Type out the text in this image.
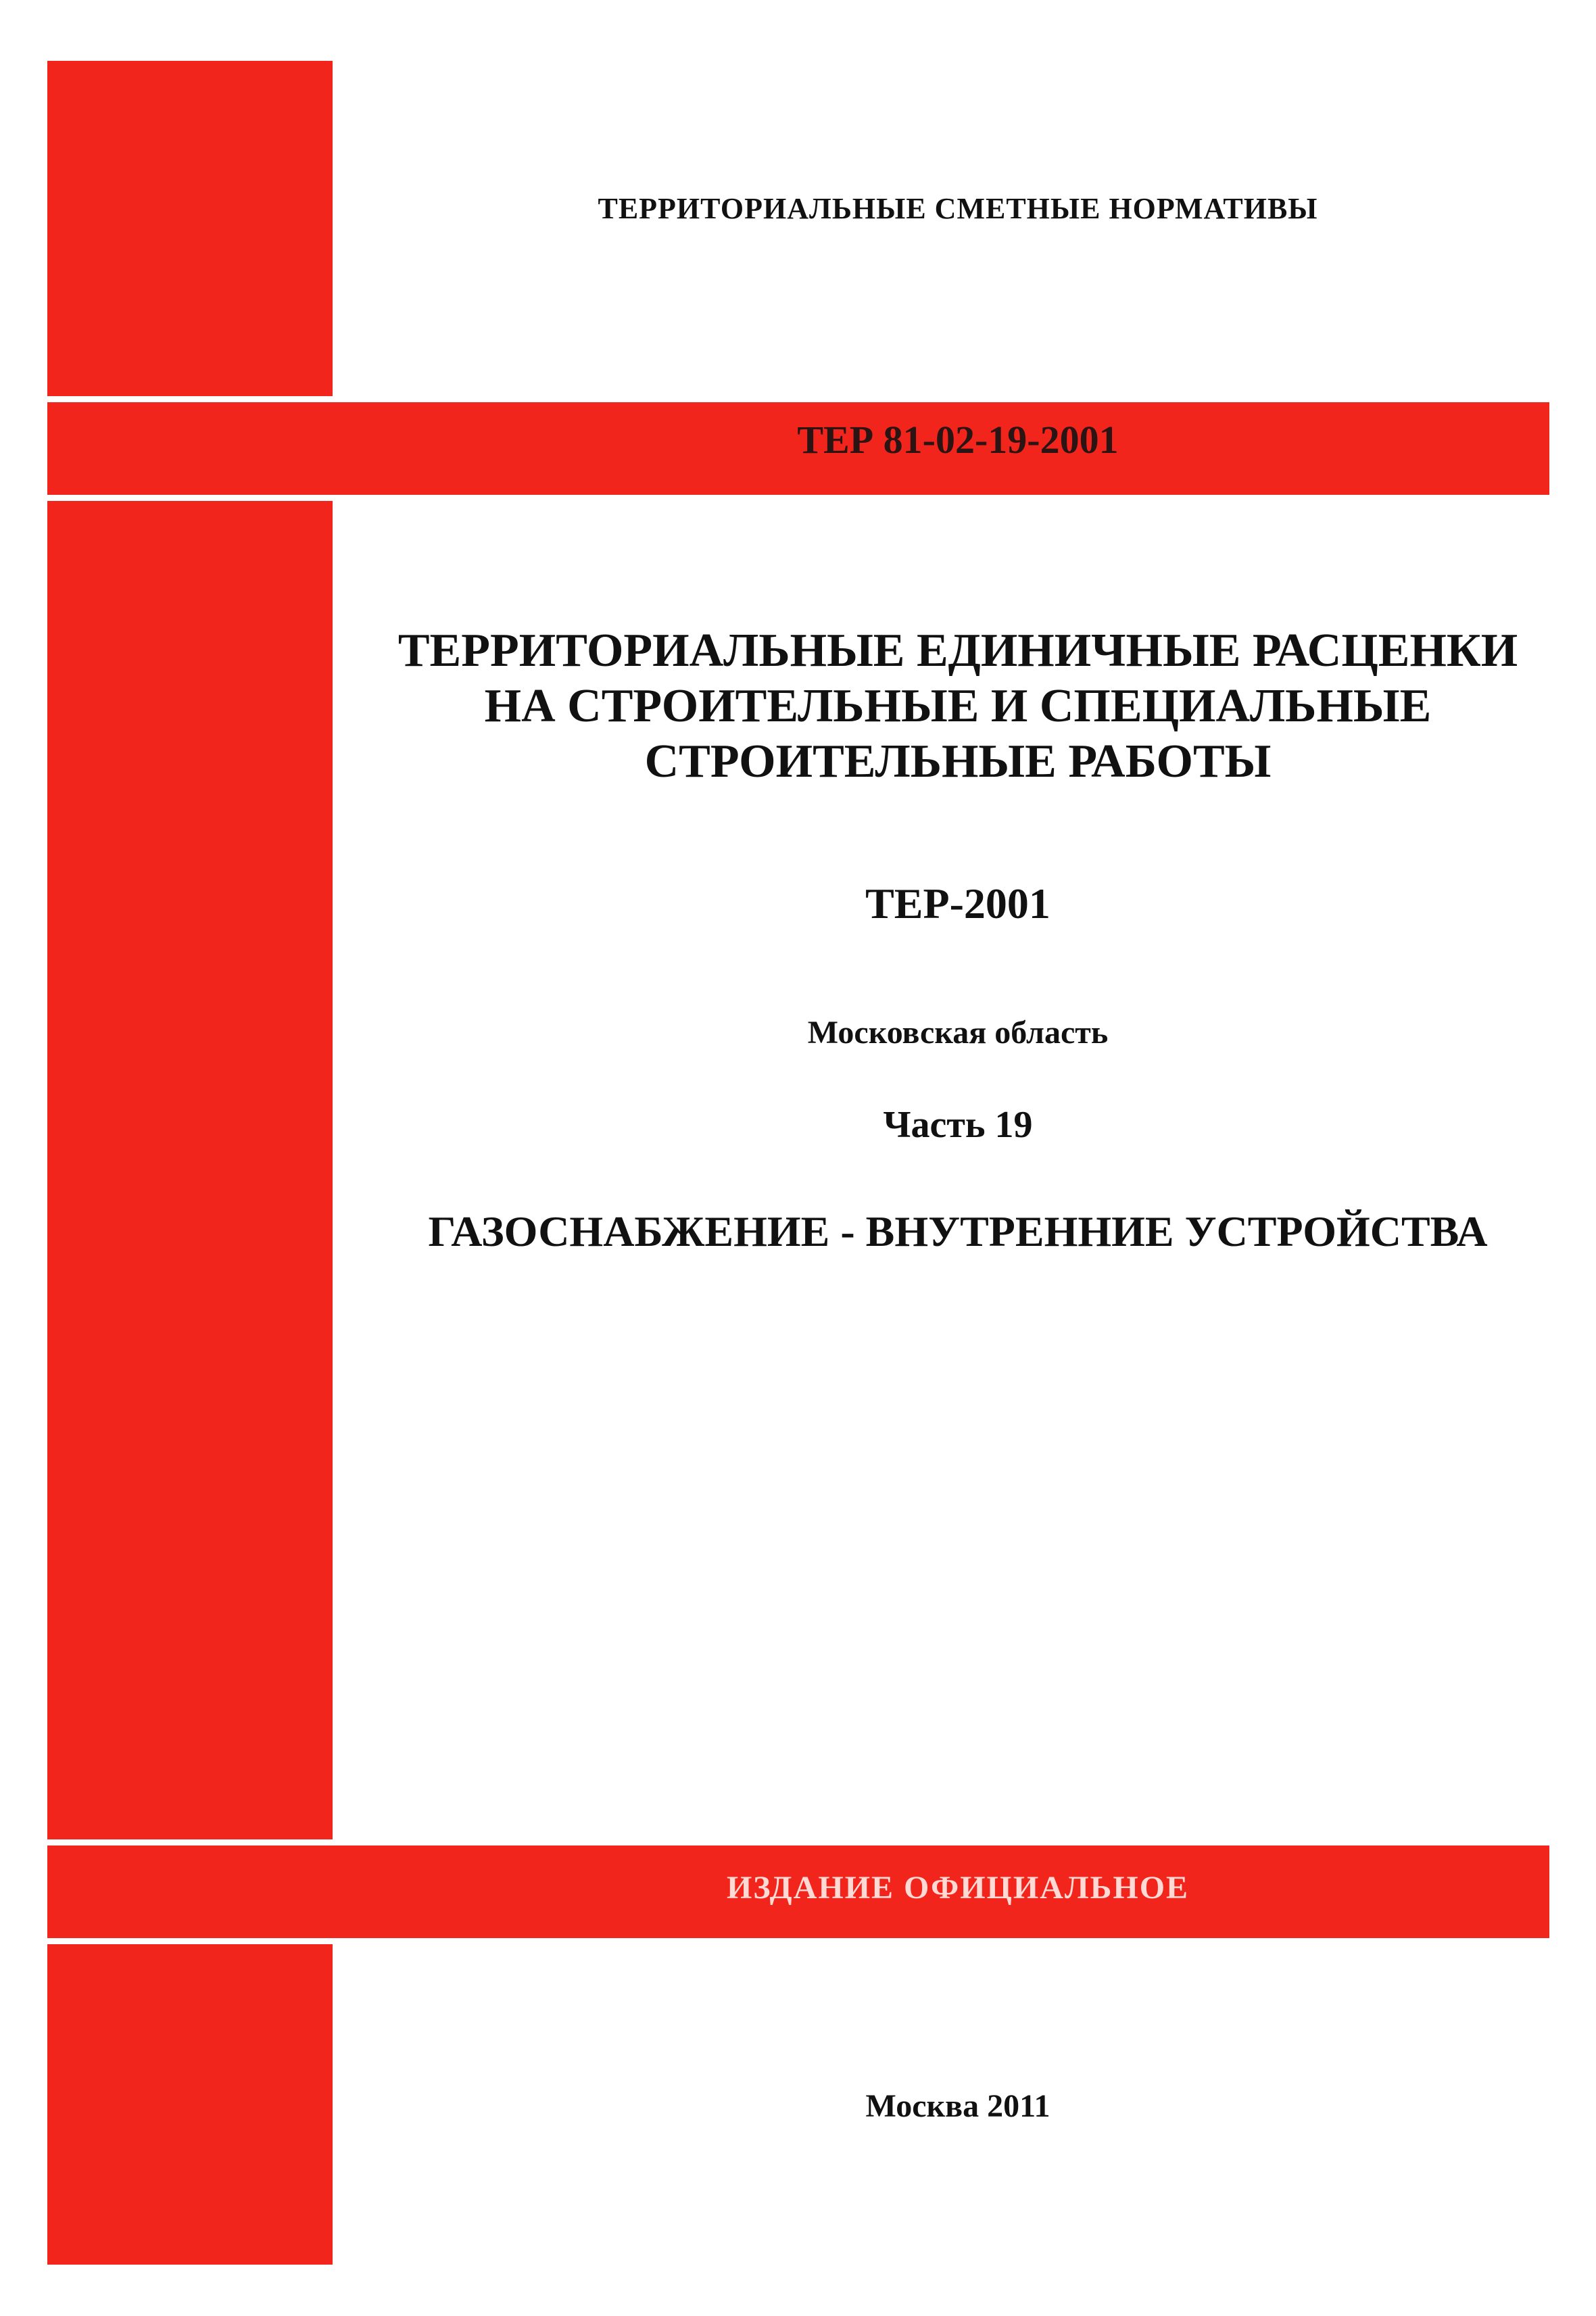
ТЕРРИТОРИАЛЬНЫЕ СМЕТНЫЕ НОРМАТИВЫ
ТЕР 81-02-19-2001
ТЕРРИТОРИАЛЬНЫЕ ЕДИНИЧНЫЕ РАСЦЕНКИ
НА СТРОИТЕЛЬНЫЕ И СПЕЦИАЛЬНЫЕ
СТРОИТЕЛЬНЫЕ РАБОТЫ
ТЕР-2001
Московская область
Часть 19
ГАЗОСНАБЖЕНИЕ - ВНУТРЕННИЕ УСТРОЙСТВА
ИЗДАНИЕ ОФИЦИАЛЬНОЕ
Москва 2011
